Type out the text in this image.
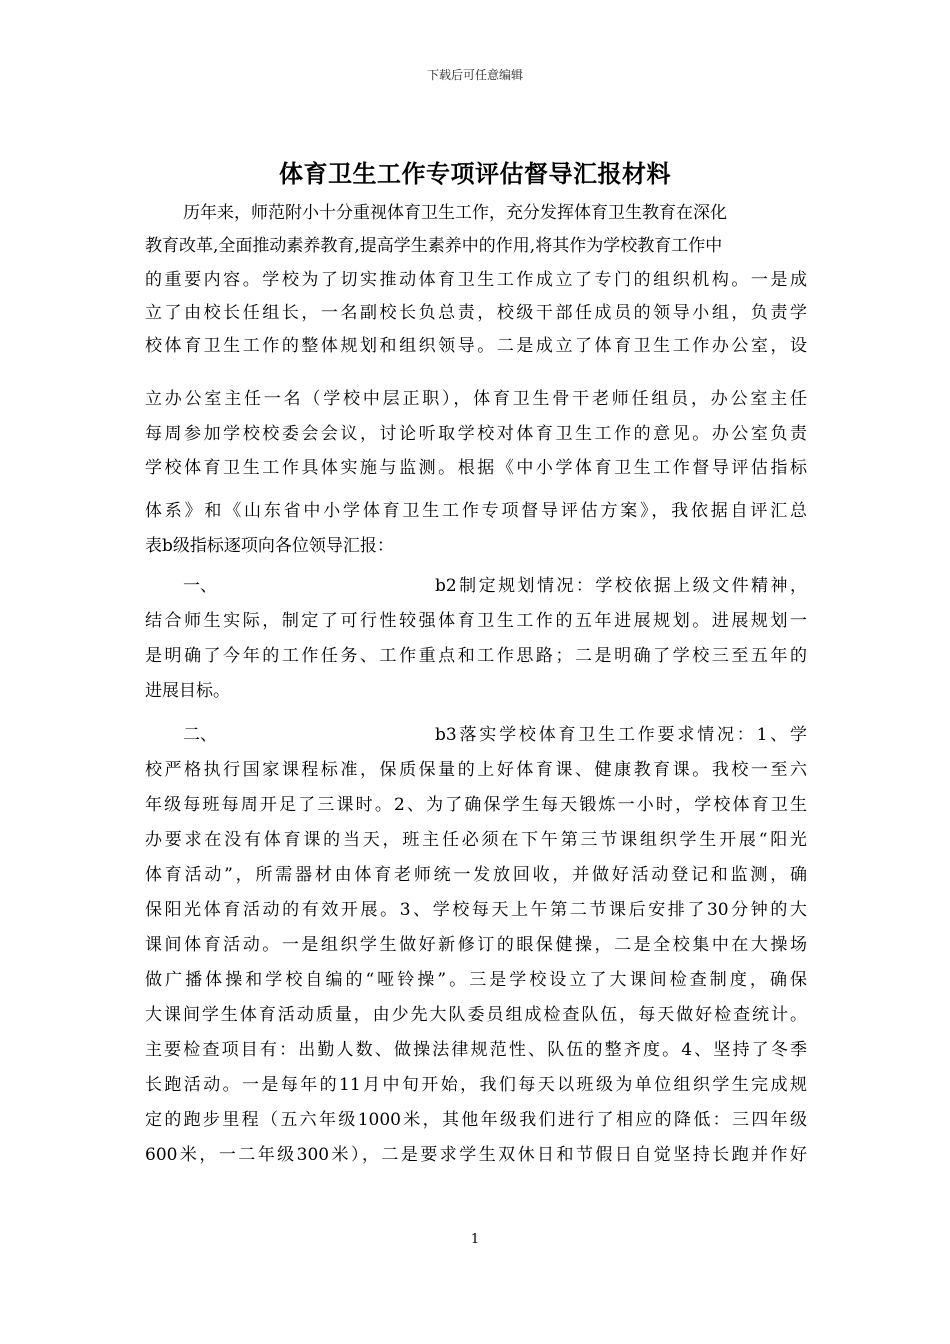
下载后可任意编辑
体育卫生工作专项评估督导汇报材料
历年来，师范附小十分重视体育卫生工作，充分发挥体育卫生教育在深化
教育改革,全面推动素养教育,提高学生素养中的作用,将其作为学校教育工作中
的重要内容。学校为了切实推动体育卫生工作成立了专门的组织机构。一是成
立了由校长任组长，一名副校长负总责，校级干部任成员的领导小组，负责学
校体育卫生工作的整体规划和组织领导。二是成立了体育卫生工作办公室，设
立办公室主任一名（学校中层正职），体育卫生骨干老师任组员，办公室主任
每周参加学校校委会会议，讨论听取学校对体育卫生工作的意见。办公室负责
学校体育卫生工作具体实施与监测。根据《中小学体育卫生工作督导评估指标
体系》和《山东省中小学体育卫生工作专项督导评估方案》，我依据自评汇总
表b级指标逐项向各位领导汇报：
一、	b2制定规划情况：学校依据上级文件精神，
结合师生实际，制定了可行性较强体育卫生工作的五年进展规划。进展规划一
是明确了今年的工作任务、工作重点和工作思路；二是明确了学校三至五年的
进展目标。
二、	b3落实学校体育卫生工作要求情况：1、学
校严格执行国家课程标准，保质保量的上好体育课、健康教育课。我校一至六
年级每班每周开足了三课时。2、为了确保学生每天锻炼一小时，学校体育卫生
办要求在没有体育课的当天，班主任必须在下午第三节课组织学生开展“阳光
体育活动”，所需器材由体育老师统一发放回收，并做好活动登记和监测，确
保阳光体育活动的有效开展。3、学校每天上午第二节课后安排了30分钟的大
课间体育活动。一是组织学生做好新修订的眼保健操，二是全校集中在大操场
做广播体操和学校自编的“哑铃操”。三是学校设立了大课间检查制度，确保
大课间学生体育活动质量，由少先大队委员组成检查队伍，每天做好检查统计。
主要检查项目有：出勤人数、做操法律规范性、队伍的整齐度。4、坚持了冬季
长跑活动。一是每年的11月中旬开始，我们每天以班级为单位组织学生完成规
定的跑步里程（五六年级1000米，其他年级我们进行了相应的降低：三四年级
600米，一二年级300米），二是要求学生双休日和节假日自觉坚持长跑并作好
1
